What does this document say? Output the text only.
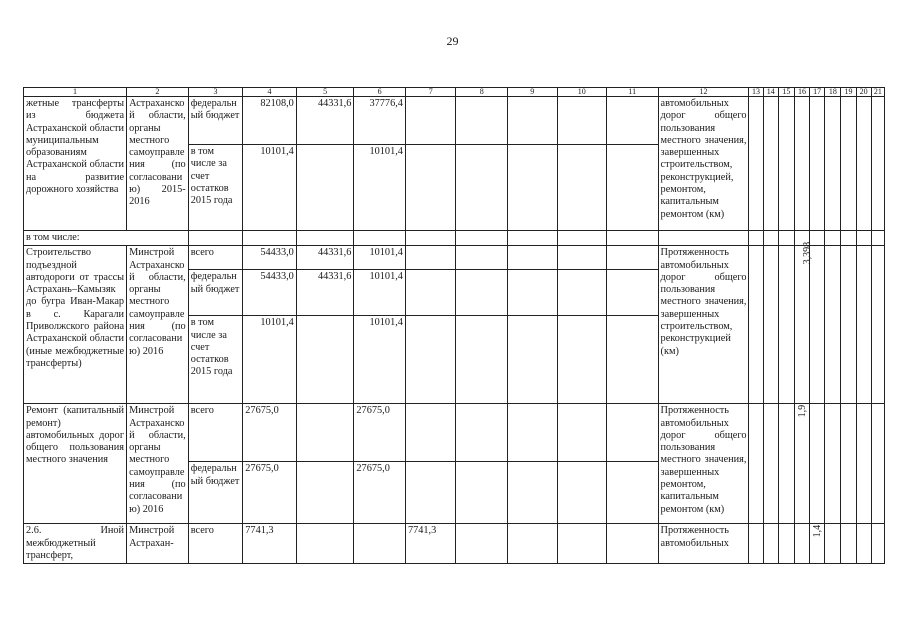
29
1	2	3	4	5	6	7	8	9	10	11	12	13	14	15	16	17	18	19	20	21
жетные трансферты из бюджета Астраханской области муниципальным образованиям Астраханской области на развитие дорожного хозяйства	Астраханской области, органы местного самоуправления (по согласованию) 2015-2016	федеральный бюджет	82108,0	44331,6	37776,4						автомобильных дорог общего пользования местного значения, завершенных строительством, реконструкцией, ремонтом, капитальным ремонтом (км)									
		в том числе за счет остатков 2015 года	10101,4		10101,4															
в том числе:																				
Строительство подъездной автодороги от трассы Астрахань–Камызяк до бугра Иван-Макар в с. Карагали Приволжского района Астраханской области (иные межбюджетные трансферты)	Минстрой Астраханской области, органы местного самоуправления (по согласованию) 2016	всего	54433,0	44331,6	10101,4						Протяженность автомобильных дорог общего пользования местного значения, завершенных строительством, реконструкцией (км)				3,398					
		федеральный бюджет	54433,0	44331,6	10101,4															
		в том числе за счет остатков 2015 года	10101,4		10101,4															
Ремонт (капитальный ремонт) автомобильных дорог общего пользования местного значения	Минстрой Астраханской области, органы местного самоуправления (по согласованию) 2016	всего	27675,0		27675,0						Протяженность автомобильных дорог общего пользования местного значения, завершенных ремонтом, капитальным ремонтом (км)				1,9					
		федеральный бюджет	27675,0		27675,0															
2.6. Иной межбюджетный трансферт,	Минстрой Астрахан-	всего	7741,3			7741,3					Протяженность автомобильных					1,4				
